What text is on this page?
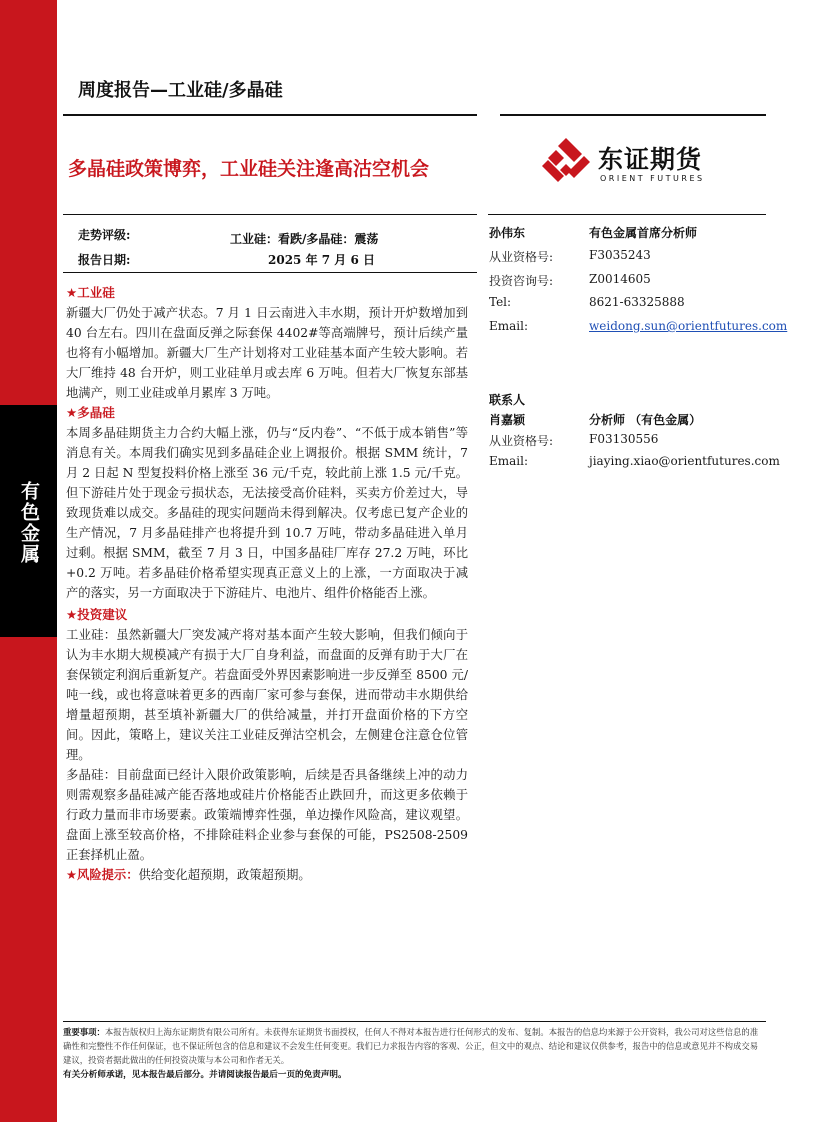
有色金属
周度报告—工业硅/多晶硅
多晶硅政策博弈，工业硅关注逢高沽空机会	东证期货
ORIENT FUTURES
走势评级:	工业硅：看跌/多晶硅：震荡
报告日期:	2025 年 7 月 6 日
孙伟东	有色金属首席分析师
从业资格号:	F3035243
投资咨询号:	Z0014605
Tel:	8621-63325888
Email:	weidong.sun@orientfutures.com
联系人
肖嘉颖	分析师 （有色金属）
从业资格号:	F03130556
Email:	jiaying.xiao@orientfutures.com
★工业硅

新疆大厂仍处于减产状态。7 月 1 日云南进入丰水期，预计开炉数增加到 40 台左右。四川在盘面反弹之际套保 4402#等高端牌号，预计后续产量也将有小幅增加。新疆大厂生产计划将对工业硅基本面产生较大影响。若大厂维持 48 台开炉，则工业硅单月或去库 6 万吨。但若大厂恢复东部基地满产，则工业硅或单月累库 3 万吨。

★多晶硅

本周多晶硅期货主力合约大幅上涨，仍与“反内卷”、“不低于成本销售”等消息有关。本周我们确实见到多晶硅企业上调报价。根据 SMM 统计，7 月 2 日起 N 型复投料价格上涨至 36 元/千克，较此前上涨 1.5 元/千克。但下游硅片处于现金亏损状态，无法接受高价硅料，买卖方价差过大，导致现货难以成交。多晶硅的现实问题尚未得到解决。仅考虑已复产企业的生产情况，7 月多晶硅排产也将提升到 10.7 万吨，带动多晶硅进入单月过剩。根据 SMM，截至 7 月 3 日，中国多晶硅厂库存 27.2 万吨，环比+0.2 万吨。若多晶硅价格希望实现真正意义上的上涨，一方面取决于减产的落实，另一方面取决于下游硅片、电池片、组件价格能否上涨。

★投资建议

工业硅：虽然新疆大厂突发减产将对基本面产生较大影响，但我们倾向于认为丰水期大规模减产有损于大厂自身利益，而盘面的反弹有助于大厂在套保锁定利润后重新复产。若盘面受外界因素影响进一步反弹至 8500 元/吨一线，或也将意味着更多的西南厂家可参与套保，进而带动丰水期供给增量超预期，甚至填补新疆大厂的供给减量，并打开盘面价格的下方空间。因此，策略上，建议关注工业硅反弹沽空机会，左侧建仓注意仓位管理。

多晶硅：目前盘面已经计入限价政策影响，后续是否具备继续上冲的动力则需观察多晶硅减产能否落地或硅片价格能否止跌回升，而这更多依赖于行政力量而非市场要素。政策端博弈性强，单边操作风险高，建议观望。盘面上涨至较高价格，不排除硅料企业参与套保的可能，PS2508-2509 正套择机止盈。

★风险提示：供给变化超预期，政策超预期。

重要事项：本报告版权归上海东证期货有限公司所有。未获得东证期货书面授权，任何人不得对本报告进行任何形式的发布、复制。本报告的信息均来源于公开资料，我公司对这些信息的准确性和完整性不作任何保证，也不保证所包含的信息和建议不会发生任何变更。我们已力求报告内容的客观、公正，但文中的观点、结论和建议仅供参考，报告中的信息或意见并不构成交易建议，投资者据此做出的任何投资决策与本公司和作者无关。
有关分析师承诺，见本报告最后部分。并请阅读报告最后一页的免责声明。
